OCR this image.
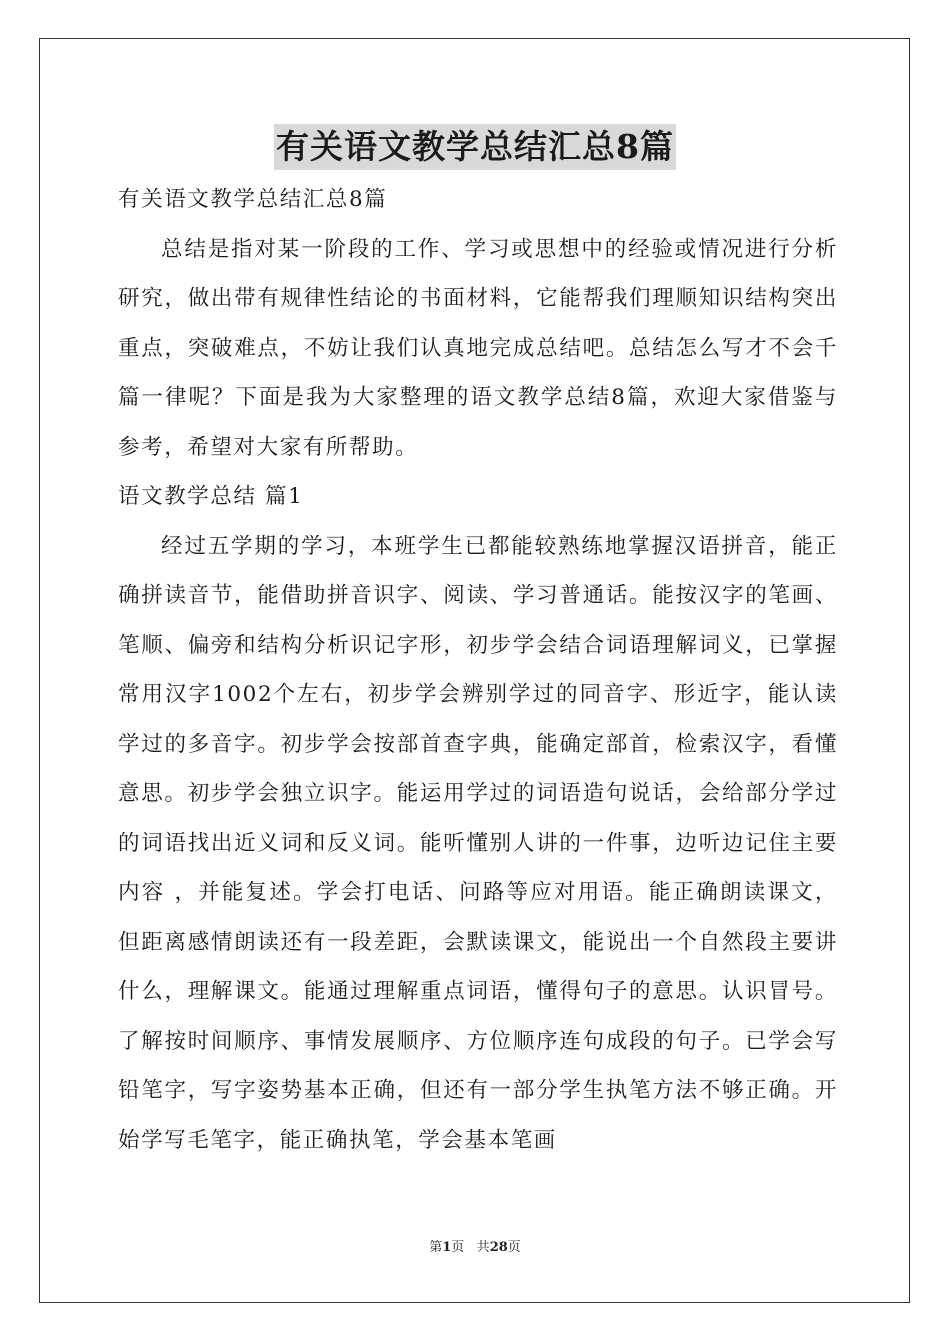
有关语文教学总结汇总8篇

有关语文教学总结汇总8篇

总结是指对某一阶段的工作、学习或思想中的经验或情况进行分析研究，做出带有规律性结论的书面材料，它能帮我们理顺知识结构突出重点，突破难点，不妨让我们认真地完成总结吧。总结怎么写才不会千篇一律呢？下面是我为大家整理的语文教学总结8篇，欢迎大家借鉴与参考，希望对大家有所帮助。

语文教学总结 篇1

经过五学期的学习，本班学生已都能较熟练地掌握汉语拼音，能正确拼读音节，能借助拼音识字、阅读、学习普通话。能按汉字的笔画、笔顺、偏旁和结构分析识记字形，初步学会结合词语理解词义，已掌握常用汉字1002个左右，初步学会辨别学过的同音字、形近字，能认读学过的多音字。初步学会按部首查字典，能确定部首，检索汉字，看懂意思。初步学会独立识字。能运用学过的词语造句说话，会给部分学过的词语找出近义词和反义词。能听懂别人讲的一件事，边听边记住主要内容 ，并能复述。学会打电话、问路等应对用语。能正确朗读课文，但距离感情朗读还有一段差距，会默读课文，能说出一个自然段主要讲什么，理解课文。能通过理解重点词语，懂得句子的意思。认识冒号。了解按时间顺序、事情发展顺序、方位顺序连句成段的句子。已学会写铅笔字，写字姿势基本正确，但还有一部分学生执笔方法不够正确。开始学写毛笔字，能正确执笔，学会基本笔画

第1页 共28页
